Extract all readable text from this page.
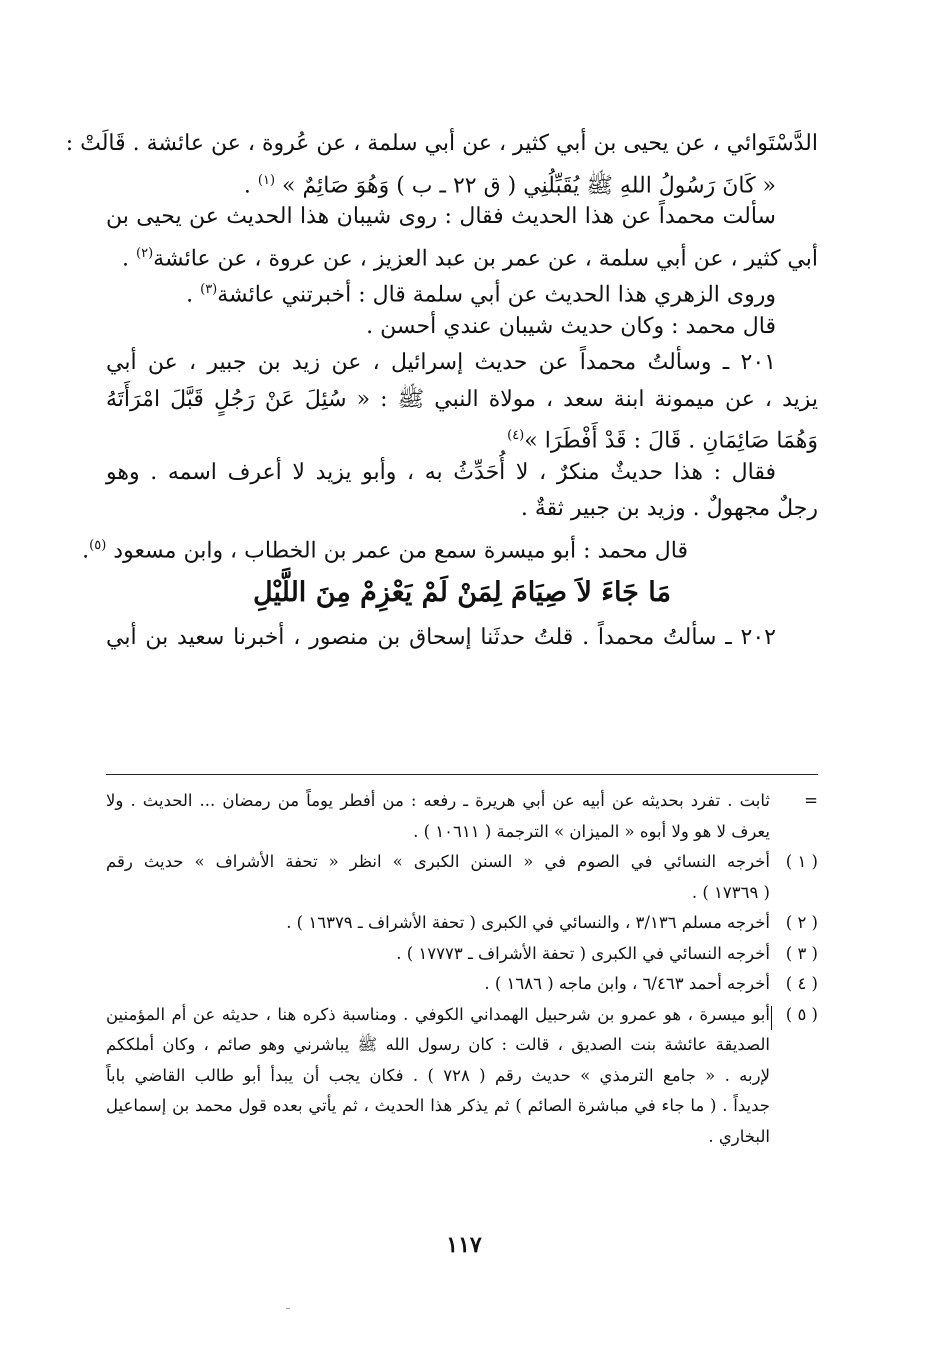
الدَّسْتَوائي ، عن يحيى بن أبي كثير ، عن أبي سلمة ، عن عُروة ، عن عائشة . قَالَتْ :
« كَانَ رَسُولُ اللهِ ﷺ يُقَبِّلُنِي ( ق ٢٢ ـ ب ) وَهُوَ صَائِمٌ » $^{(١)}$ .
سألت محمداً عن هذا الحديث فقال : روى شيبان هذا الحديث عن يحيى بن
أبي كثير ، عن أبي سلمة ، عن عمر بن عبد العزيز ، عن عروة ، عن عائشة$^{(٢)}$ .
وروى الزهري هذا الحديث عن أبي سلمة قال : أخبرتني عائشة$^{(٣)}$ .
قال محمد : وكان حديث شيبان عندي أحسن .
٢٠١ ـ وسألتُ محمداً عن حديث إسرائيل ، عن زيد بن جبير ، عن أبي
يزيد ، عن ميمونة ابنة سعد ، مولاة النبي ﷺ : « سُئِلَ عَنْ رَجُلٍ قَبَّلَ امْرَأَتَهُ
وَهُمَا صَائِمَانِ . قَالَ : قَدْ أَفْطَرَا »$^{(٤)}$
فقال : هذا حديثٌ منكرٌ ، لا أُحَدِّثُ به ، وأبو يزيد لا أعرف اسمه . وهو
رجلٌ مجهولٌ . وزيد بن جبير ثقةٌ .
قال محمد : أبو ميسرة سمع من عمر بن الخطاب ، وابن مسعود $^{(٥)}$.
مَا جَاءَ لاَ صِيَامَ لِمَنْ لَمْ يَعْزِمْ مِنَ اللَّيْلِ
٢٠٢ ـ سألتُ محمداً . قلتُ حدثَنا إسحاق بن منصور ، أخبرنا سعيد بن أبي
=
ثابت . تفرد بحديثه عن أبيه عن أبي هريرة ـ رفعه : من أفطر يوماً من رمضان ... الحديث . ولا
يعرف لا هو ولا أبوه « الميزان » الترجمة ( ١٠٦١١ ) .
( ١ )
أخرجه النسائي في الصوم في « السنن الكبرى » انظر « تحفة الأشراف » حديث رقم
( ١٧٣٦٩ ) .
( ٢ )
أخرجه مسلم ٣/١٣٦ ، والنسائي في الكبرى ( تحفة الأشراف ـ ١٦٣٧٩ ) .
( ٣ )
أخرجه النسائي في الكبرى ( تحفة الأشراف ـ ١٧٧٧٣ ) .
( ٤ )
أخرجه أحمد ٦/٤٦٣ ، وابن ماجه ( ١٦٨٦ ) .
( ٥ )
أبو ميسرة ، هو عمرو بن شرحبيل الهمداني الكوفي . ومناسبة ذكره هنا ، حديثه عن أم المؤمنين
الصديقة عائشة بنت الصديق ، قالت : كان رسول الله ﷺ يباشرني وهو صائم ، وكان أملككم
لإربه . « جامع الترمذي » حديث رقم ( ٧٢٨ ) . فكان يجب أن يبدأ أبو طالب القاضي باباً
جديداً . ( ما جاء في مباشرة الصائم ) ثم يذكر هذا الحديث ، ثم يأتي بعده قول محمد بن إسماعيل
البخاري .
١١٧
